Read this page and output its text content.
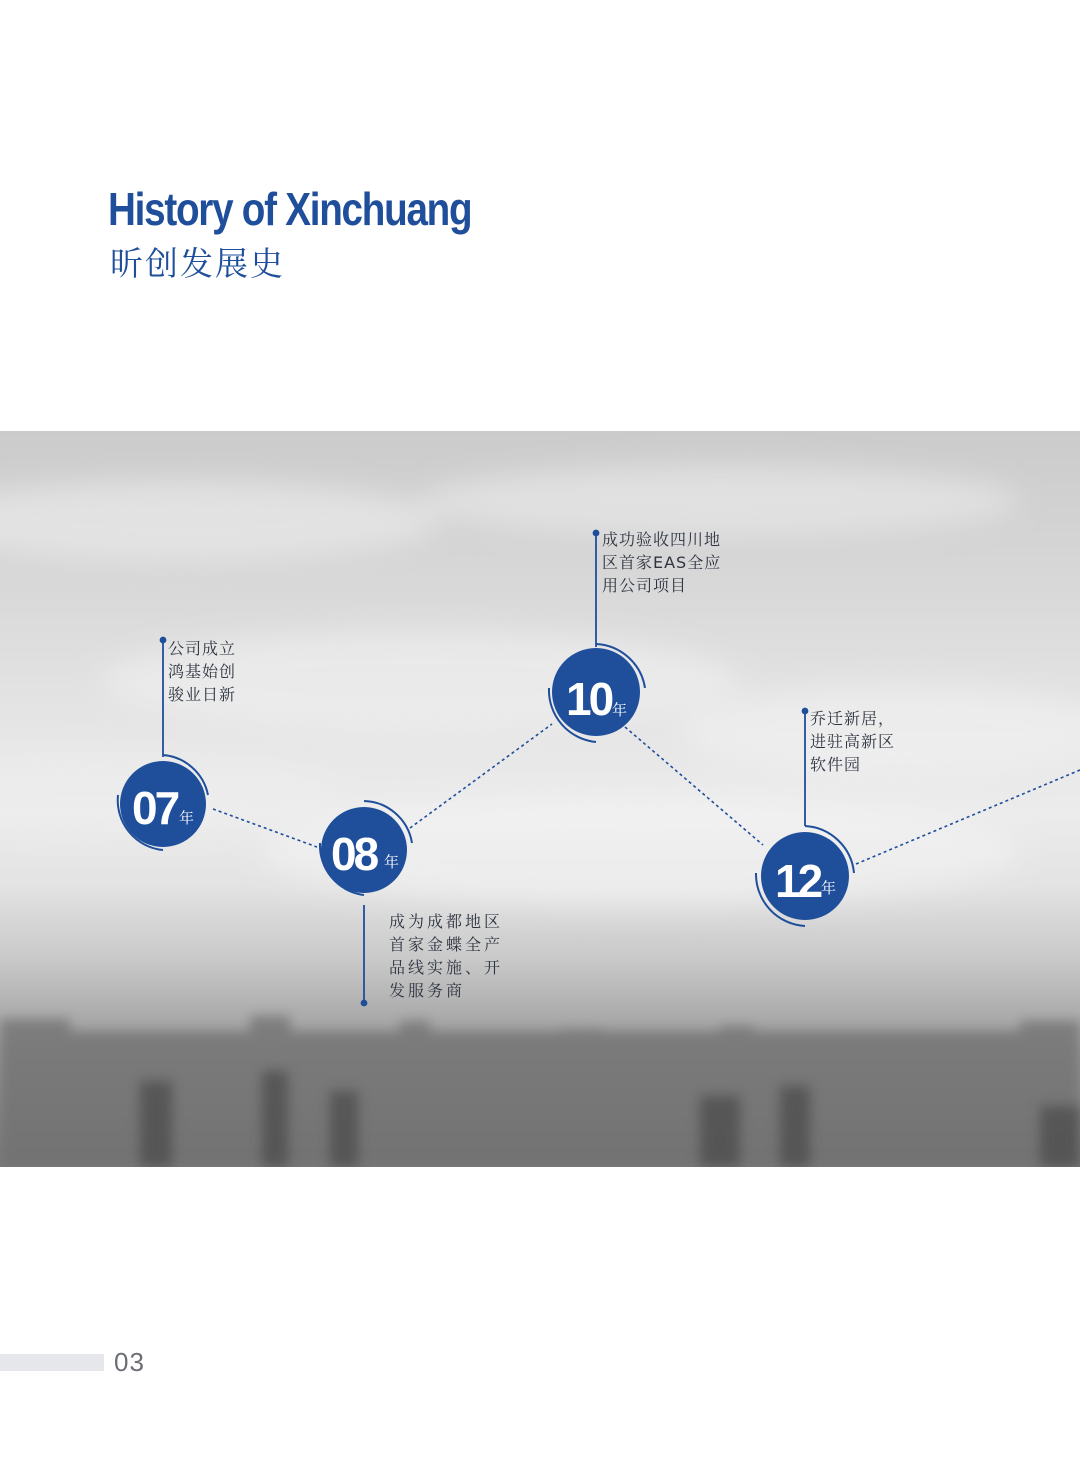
History of Xinchuang
昕创发展史
07 年
08 年
10 年
12 年

公司成立

鸿基始创

骏业日新

成为成都地区

首家金蝶全产

品线实施、开

发服务商

成功验收四川地

区首家EAS全应

用公司项目

乔迁新居，

进驻高新区

软件园

03
